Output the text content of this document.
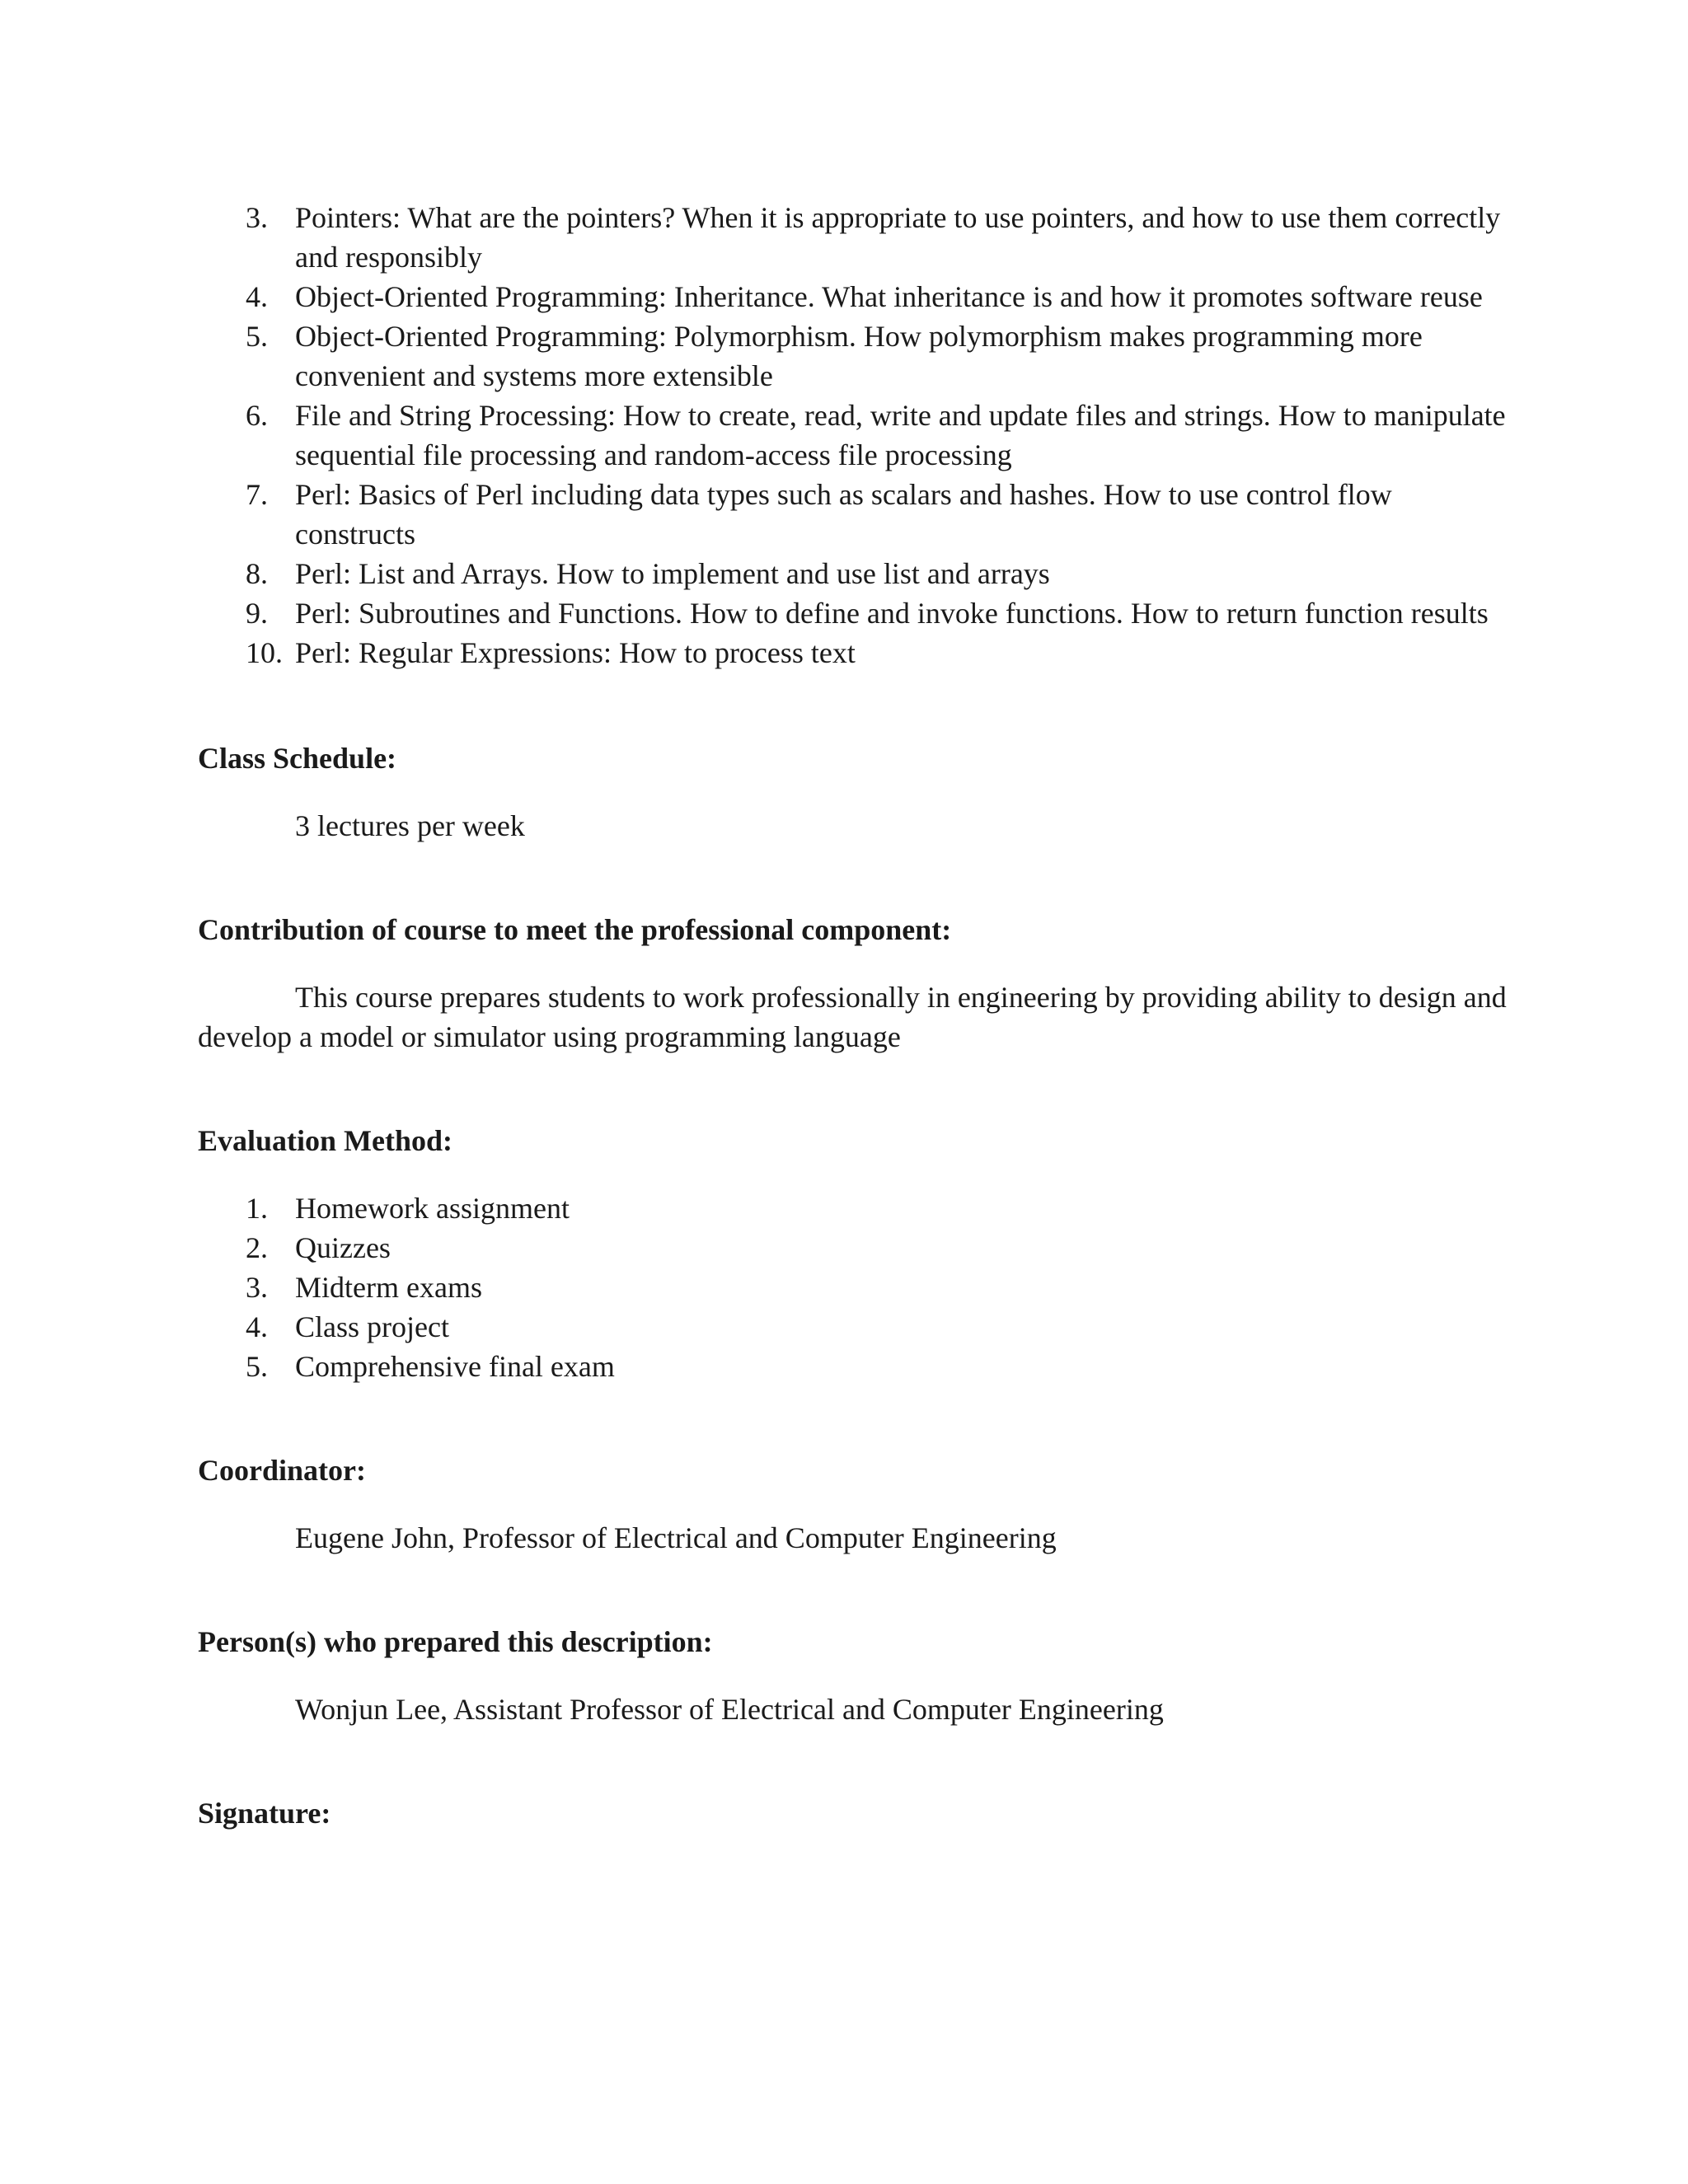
3. Pointers: What are the pointers? When it is appropriate to use pointers, and how to use them correctly and responsibly
4. Object-Oriented Programming: Inheritance. What inheritance is and how it promotes software reuse
5. Object-Oriented Programming: Polymorphism. How polymorphism makes programming more convenient and systems more extensible
6. File and String Processing: How to create, read, write and update files and strings. How to manipulate sequential file processing and random-access file processing
7. Perl: Basics of Perl including data types such as scalars and hashes. How to use control flow constructs
8. Perl: List and Arrays. How to implement and use list and arrays
9. Perl: Subroutines and Functions. How to define and invoke functions. How to return function results
10. Perl: Regular Expressions: How to process text

Class Schedule:

3 lectures per week

Contribution of course to meet the professional component:

This course prepares students to work professionally in engineering by providing ability to design and develop a model or simulator using programming language

Evaluation Method:

1. Homework assignment
2. Quizzes
3. Midterm exams
4. Class project
5. Comprehensive final exam

Coordinator:

Eugene John, Professor of Electrical and Computer Engineering

Person(s) who prepared this description:

Wonjun Lee, Assistant Professor of Electrical and Computer Engineering

Signature:
